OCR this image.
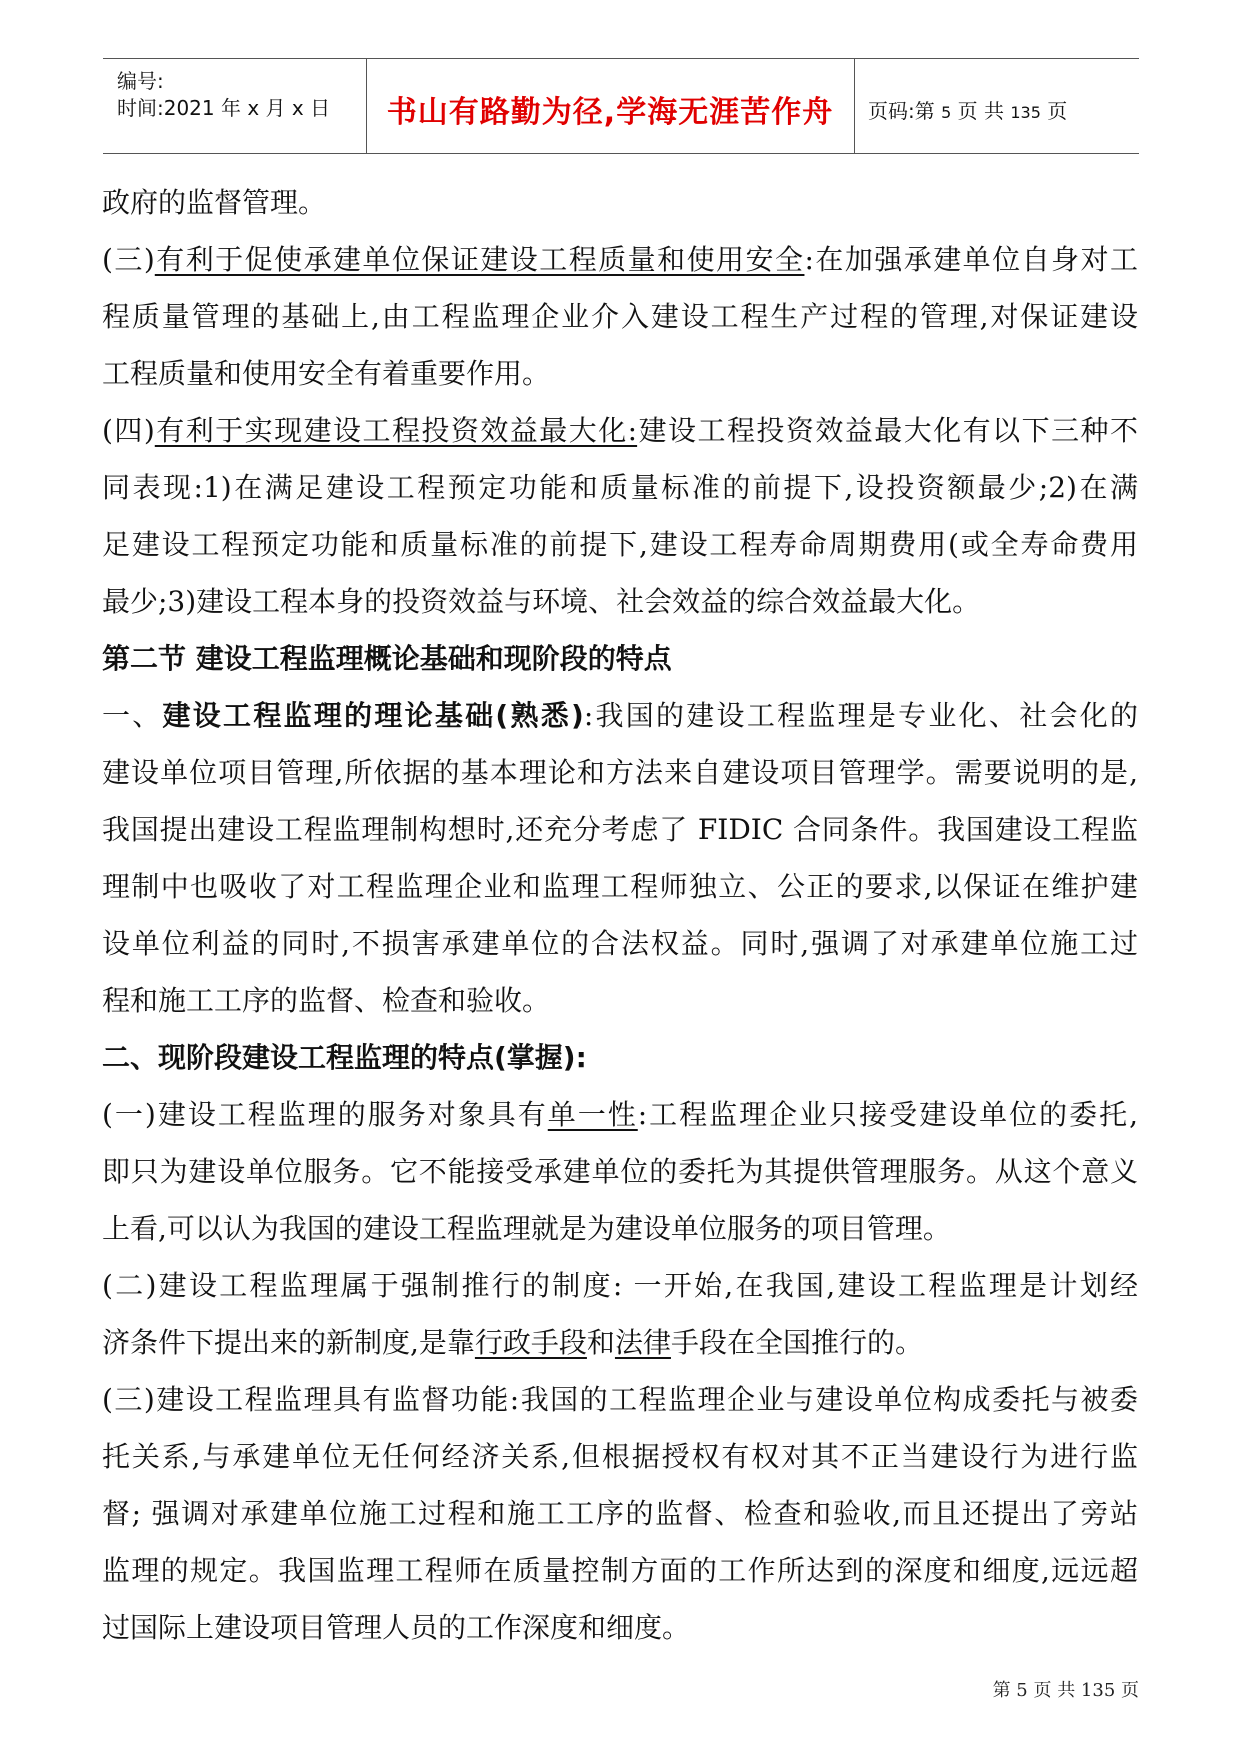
编号:
时间:2021 年 x 月 x 日	书山有路勤为径,学海无涯苦作舟	页码:第 5 页 共 135 页
政府的监督管理。
(三)有利于促使承建单位保证建设工程质量和使用安全:在加强承建单位自身对工
程质量管理的基础上,由工程监理企业介入建设工程生产过程的管理,对保证建设
工程质量和使用安全有着重要作用。
(四)有利于实现建设工程投资效益最大化:建设工程投资效益最大化有以下三种不
同表现:1)在满足建设工程预定功能和质量标准的前提下,设投资额最少;2)在满
足建设工程预定功能和质量标准的前提下,建设工程寿命周期费用(或全寿命费用
最少;3)建设工程本身的投资效益与环境、社会效益的综合效益最大化。
第二节 建设工程监理概论基础和现阶段的特点
一、建设工程监理的理论基础(熟悉):我国的建设工程监理是专业化、社会化的
建设单位项目管理,所依据的基本理论和方法来自建设项目管理学。需要说明的是,
我国提出建设工程监理制构想时,还充分考虑了 FIDIC 合同条件。我国建设工程监
理制中也吸收了对工程监理企业和监理工程师独立、公正的要求,以保证在维护建
设单位利益的同时,不损害承建单位的合法权益。同时,强调了对承建单位施工过
程和施工工序的监督、检查和验收。
二、现阶段建设工程监理的特点(掌握):
(一)建设工程监理的服务对象具有单一性:工程监理企业只接受建设单位的委托,
即只为建设单位服务。它不能接受承建单位的委托为其提供管理服务。从这个意义
上看,可以认为我国的建设工程监理就是为建设单位服务的项目管理。
(二)建设工程监理属于强制推行的制度: 一开始,在我国,建设工程监理是计划经
济条件下提出来的新制度,是靠行政手段和法律手段在全国推行的。
(三)建设工程监理具有监督功能:我国的工程监理企业与建设单位构成委托与被委
托关系,与承建单位无任何经济关系,但根据授权有权对其不正当建设行为进行监
督; 强调对承建单位施工过程和施工工序的监督、检查和验收,而且还提出了旁站
监理的规定。我国监理工程师在质量控制方面的工作所达到的深度和细度,远远超
过国际上建设项目管理人员的工作深度和细度。
第 5 页 共 135 页
